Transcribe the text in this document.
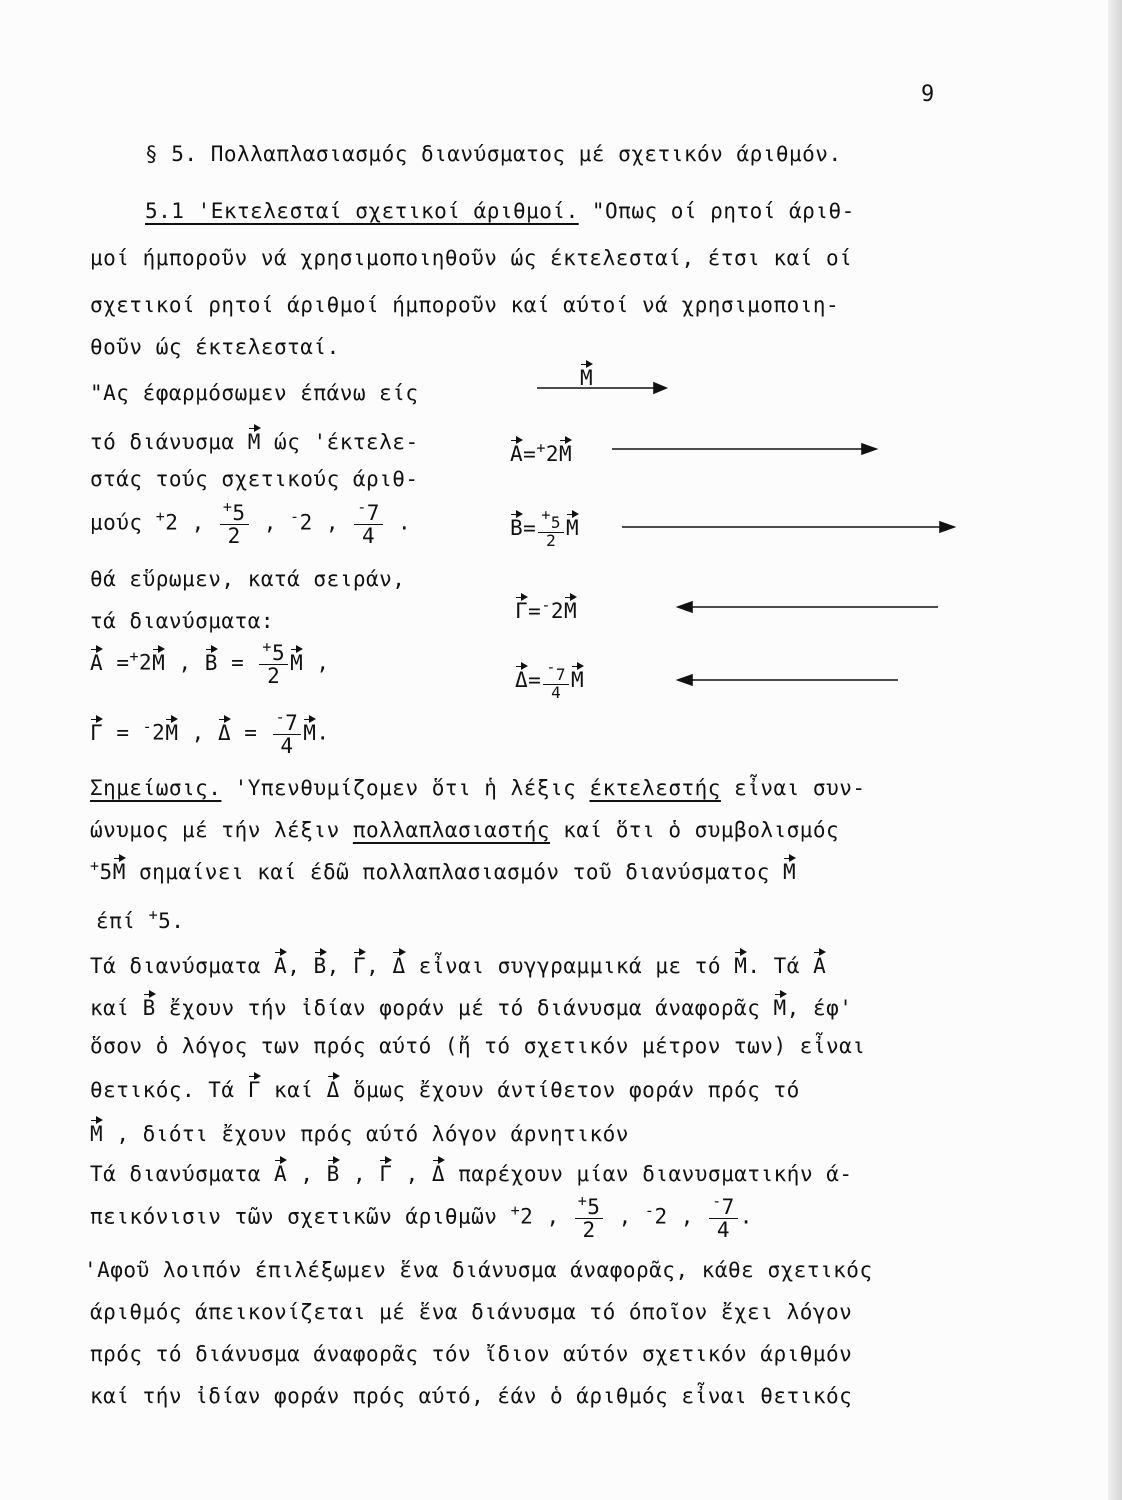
9
§ 5. Πολλαπλασιασμός διανύσματος μέ σχετικόν άριθμόν.
5.1 'Εκτελεσταί σχετικοί άριθμοί. "Οπως οί ρητοί άριθ-
μοί ήμποροῦν νά χρησιμοποιηθοῦν ώς έκτελεσταί, έτσι καί οί
σχετικοί ρητοί άριθμοί ήμποροῦν καί αύτοί νά χρησιμοποιη-
θοῦν ώς έκτελεσταί.
"Ας έφαρμόσωμεν έπάνω είς
τό διάνυσμα M ώς 'έκτελε-
στάς τούς σχετικούς άριθ-
μούς +2 , $\frac{^+5}{2}$ , -2 , $\frac{^-7}{4}$ .
θά εὕρωμεν, κατά σειράν,
τά διανύσματα:
A =+2M , $B = \frac{^+5}{2}$ M ,
Γ = -2M , $\Delta = \frac{^-7}{4} M$.
M
A=+2M
$B= \frac{+5}{2}$ M
Γ=-2M
$\Delta= \frac{-7}{4}$ M
Σημείωσις. 'Υπενθυμίζομεν ὅτι ἡ λέξις έκτελεστής εἶναι συν-
ώνυμος μέ τήν λέξιν πολλαπλασιαστής καί ὅτι ὁ συμβολισμός
+5M σημαίνει καί έδῶ πολλαπλασιασμόν τοῦ διανύσματος M
έπί +5.
Τά διανύσματα A, B, Γ, Δ εἶναι συγγραμμικά με τό M. Τά A
καί B ἔχουν τήν ἰδίαν φοράν μέ τό διάνυσμα άναφορᾶς M, έφ'
ὅσον ὁ λόγος των πρός αύτό (ἤ τό σχετικόν μέτρον των) εἶναι
θετικός. Τά Γ καί Δ ὅμως ἔχουν άντίθετον φοράν πρός τό
M , διότι ἔχουν πρός αύτό λόγον άρνητικόν
Τά διανύσματα A , B , Γ , Δ παρέχουν μίαν διανυσματικήν ά-
πεικόνισιν τῶν σχετικῶν άριθμῶν +2 , $\frac{^+5}{2}$ , -2 , $\frac{^-7}{4}$ .
'Αφοῦ λοιπόν έπιλέξωμεν ἕνα διάνυσμα άναφορᾶς, κάθε σχετικός
άριθμός άπεικονίζεται μέ ἕνα διάνυσμα τό όποῖον ἔχει λόγον
πρός τό διάνυσμα άναφορᾶς τόν ἴδιον αύτόν σχετικόν άριθμόν
καί τήν ἰδίαν φοράν πρός αύτό, έάν ὁ άριθμός εἶναι θετικός
